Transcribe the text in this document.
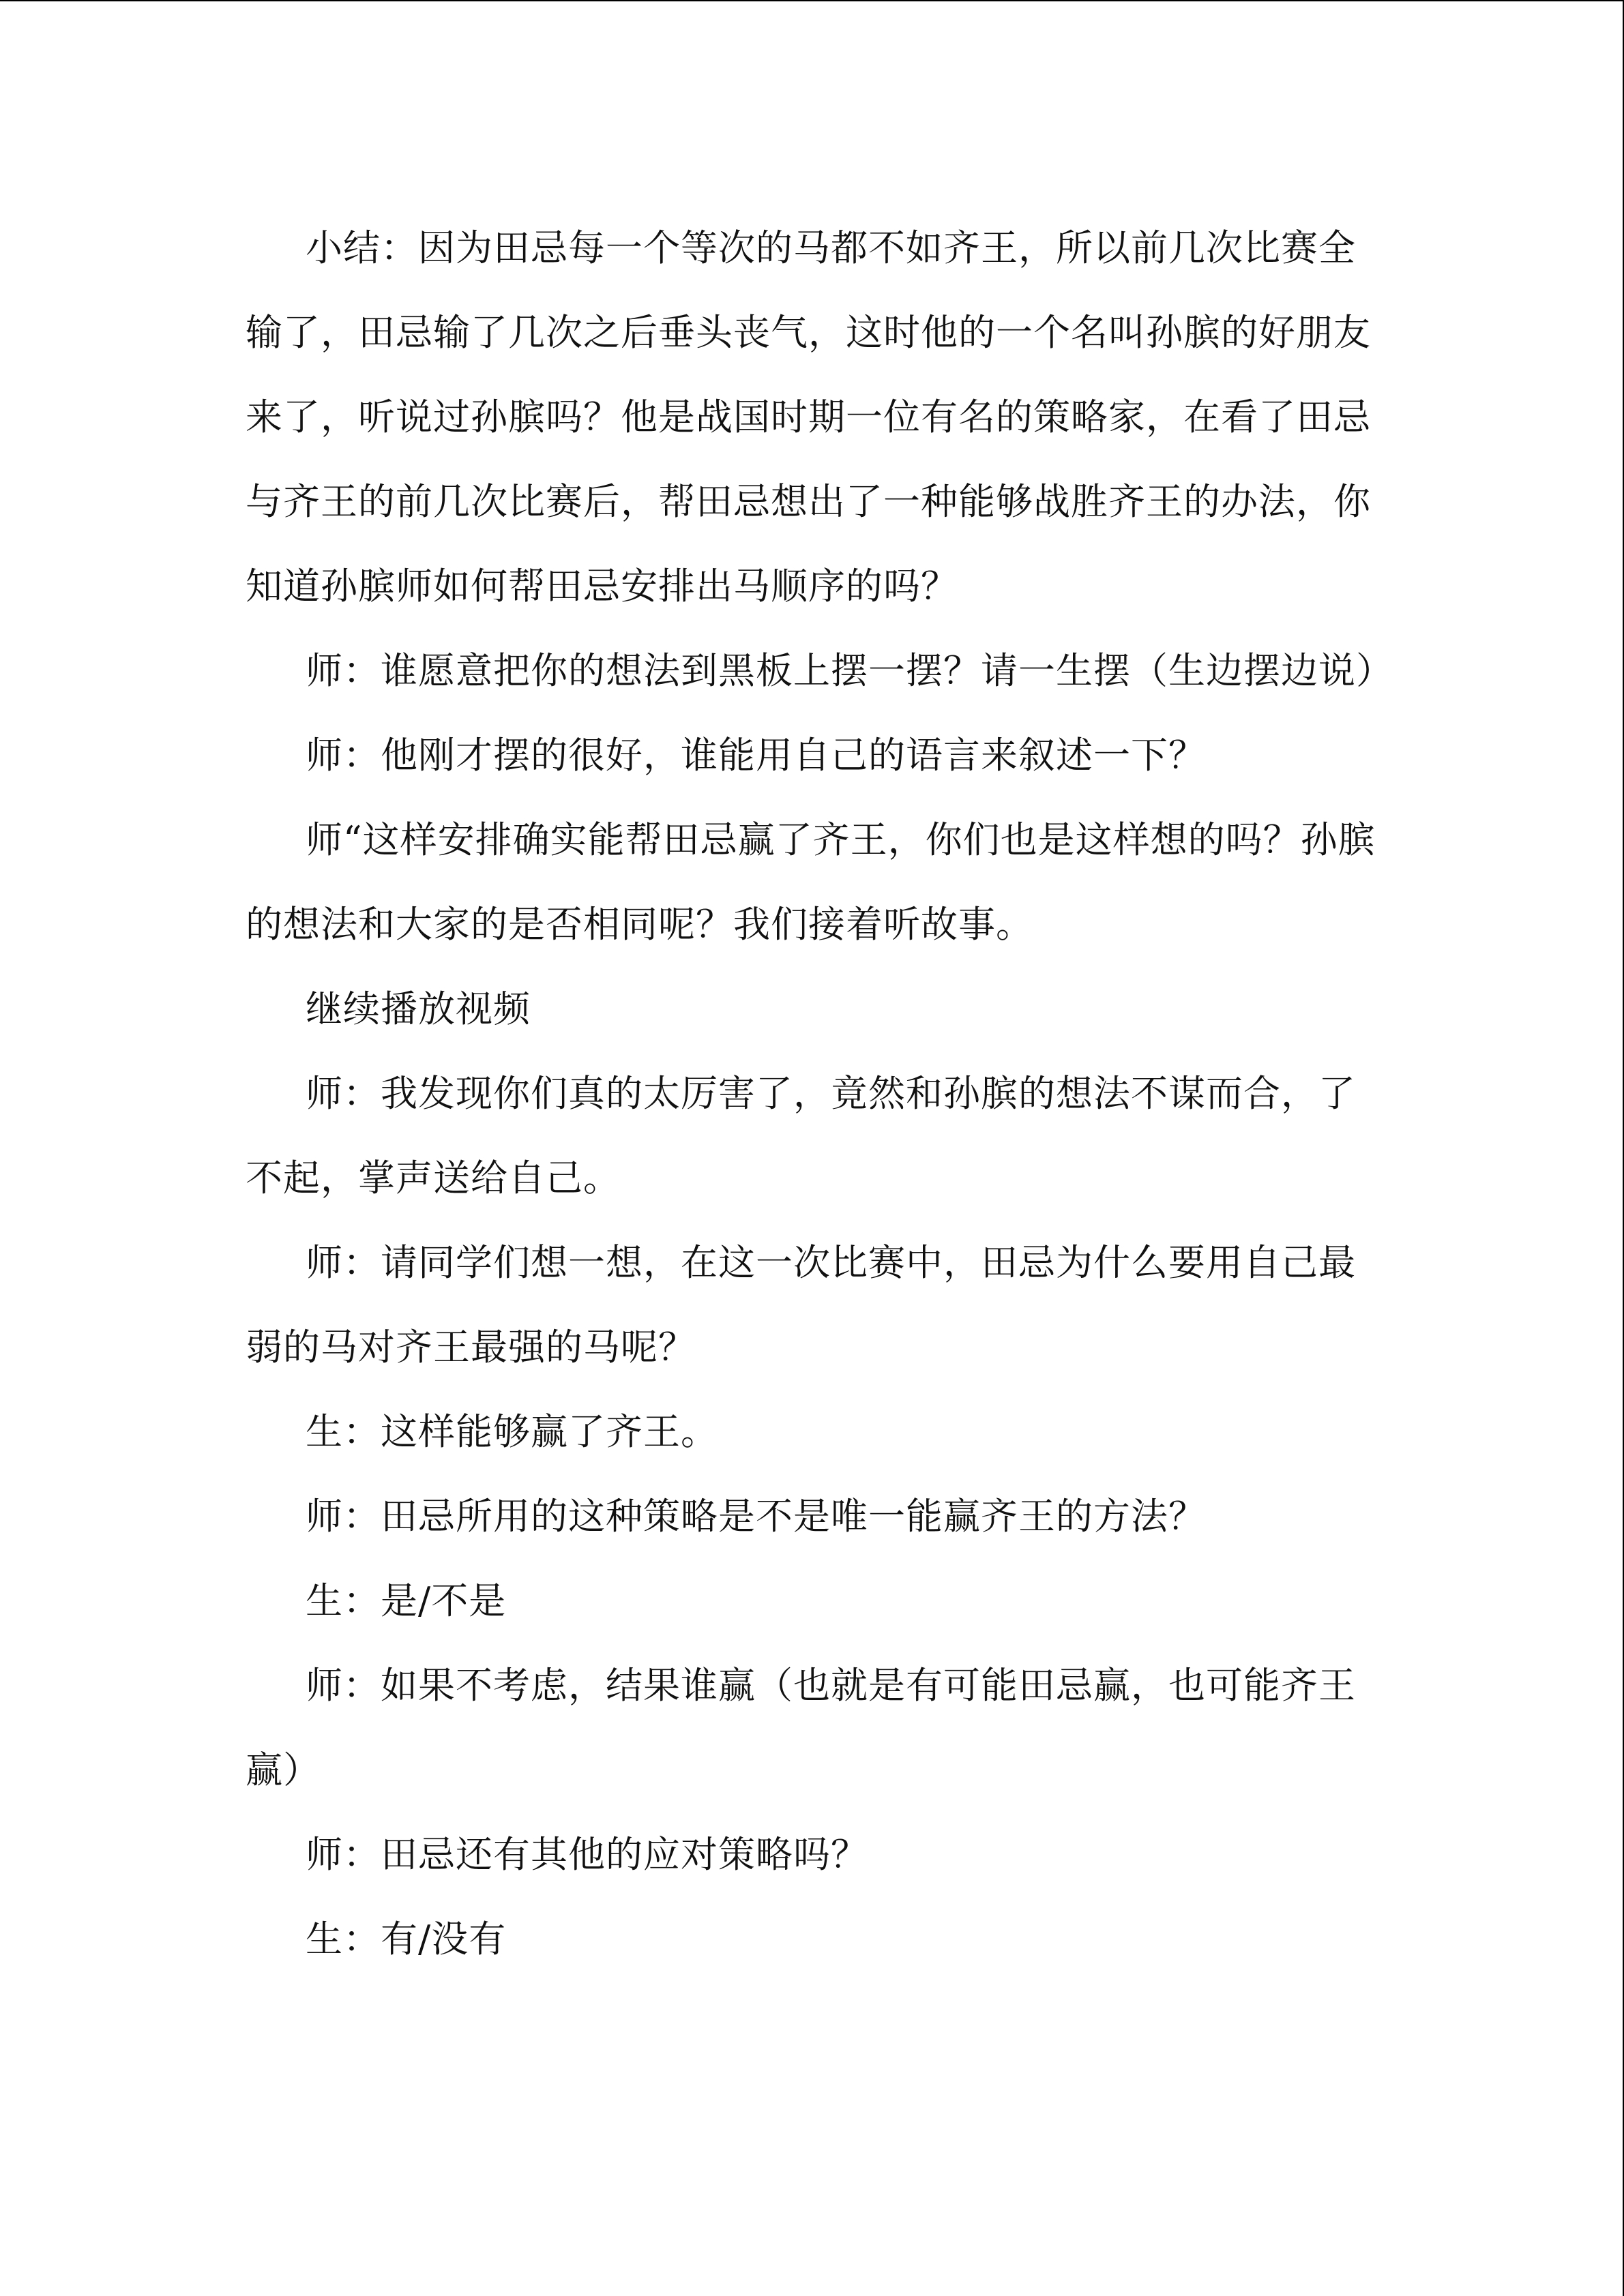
小结：因为田忌每一个等次的马都不如齐王，所以前几次比赛全输了，田忌输了几次之后垂头丧气，这时他的一个名叫孙膑的好朋友来了，听说过孙膑吗？他是战国时期一位有名的策略家，在看了田忌与齐王的前几次比赛后，帮田忌想出了一种能够战胜齐王的办法，你知道孙膑师如何帮田忌安排出马顺序的吗？

师：谁愿意把你的想法到黑板上摆一摆？请一生摆（生边摆边说）

师：他刚才摆的很好，谁能用自己的语言来叙述一下？

师“这样安排确实能帮田忌赢了齐王，你们也是这样想的吗？孙膑的想法和大家的是否相同呢？我们接着听故事。

继续播放视频

师：我发现你们真的太厉害了，竟然和孙膑的想法不谋而合，了不起，掌声送给自己。

师：请同学们想一想，在这一次比赛中，田忌为什么要用自己最弱的马对齐王最强的马呢？

生：这样能够赢了齐王。

师：田忌所用的这种策略是不是唯一能赢齐王的方法？

生：是/不是

师：如果不考虑，结果谁赢（也就是有可能田忌赢，也可能齐王赢）

师：田忌还有其他的应对策略吗？

生：有/没有
